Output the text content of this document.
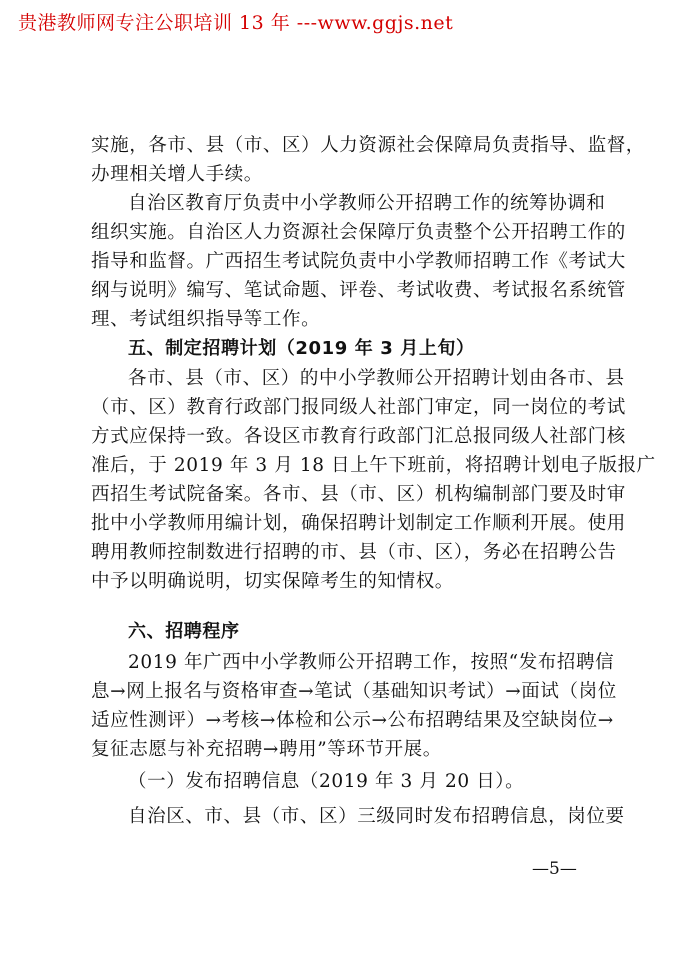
贵港教师网专注公职培训 13 年 ---www.ggjs.net
实施，各市、县（市、区）人力资源社会保障局负责指导、监督，
办理相关增人手续。
自治区教育厅负责中小学教师公开招聘工作的统筹协调和
组织实施。自治区人力资源社会保障厅负责整个公开招聘工作的
指导和监督。广西招生考试院负责中小学教师招聘工作《考试大
纲与说明》编写、笔试命题、评卷、考试收费、考试报名系统管
理、考试组织指导等工作。
五、制定招聘计划（2019 年 3 月上旬）
各市、县（市、区）的中小学教师公开招聘计划由各市、县
（市、区）教育行政部门报同级人社部门审定，同一岗位的考试
方式应保持一致。各设区市教育行政部门汇总报同级人社部门核
准后，于 2019 年 3 月 18 日上午下班前，将招聘计划电子版报广
西招生考试院备案。各市、县（市、区）机构编制部门要及时审
批中小学教师用编计划，确保招聘计划制定工作顺利开展。使用
聘用教师控制数进行招聘的市、县（市、区），务必在招聘公告
中予以明确说明，切实保障考生的知情权。
六、招聘程序
2019 年广西中小学教师公开招聘工作，按照“发布招聘信
息→网上报名与资格审查→笔试（基础知识考试）→面试（岗位
适应性测评）→考核→体检和公示→公布招聘结果及空缺岗位→
复征志愿与补充招聘→聘用”等环节开展。
（一）发布招聘信息（2019 年 3 月 20 日）。
自治区、市、县（市、区）三级同时发布招聘信息，岗位要
—5—
